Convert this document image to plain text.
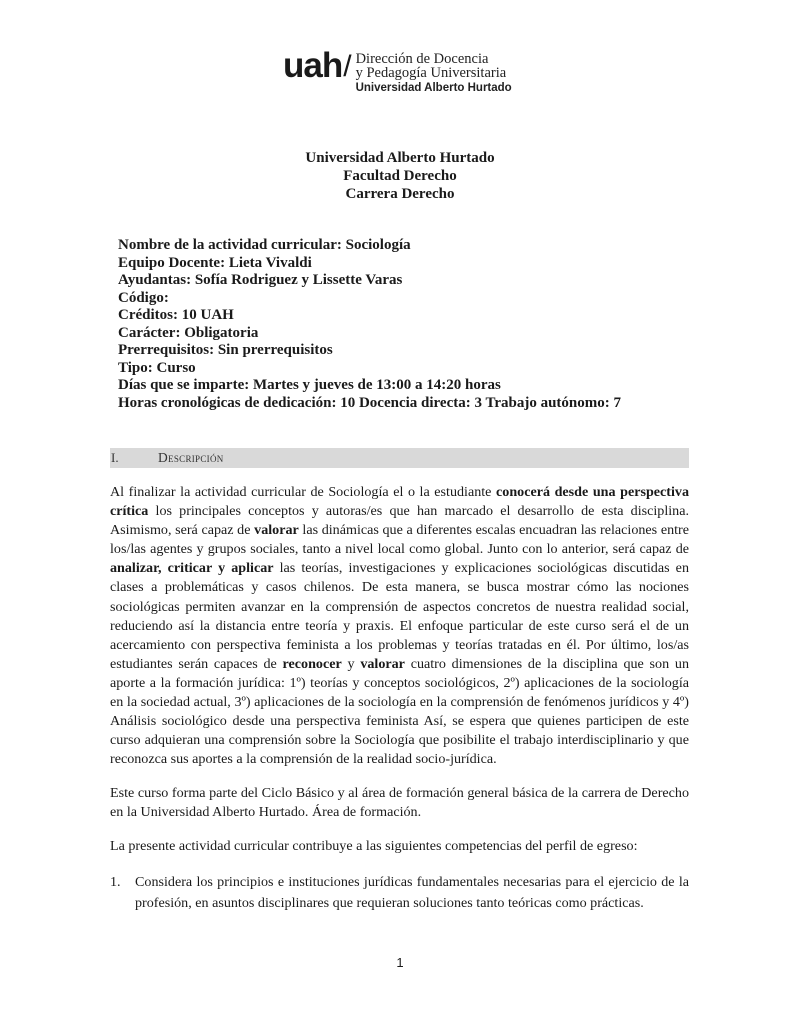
uah / Dirección de Docencia
y Pedagogía Universitaria
Universidad Alberto Hurtado
Universidad Alberto Hurtado
Facultad Derecho
Carrera Derecho
Nombre de la actividad curricular: Sociología
Equipo Docente: Lieta Vivaldi
Ayudantas: Sofía Rodriguez y Lissette Varas
Código:
Créditos: 10 UAH
Carácter: Obligatoria
Prerrequisitos: Sin prerrequisitos
Tipo: Curso
Días que se imparte: Martes y jueves de 13:00 a 14:20 horas
Horas cronológicas de dedicación: 10 Docencia directa: 3 Trabajo autónomo: 7
I.	Descripción
Al finalizar la actividad curricular de Sociología el o la estudiante conocerá desde una perspectiva crítica los principales conceptos y autoras/es que han marcado el desarrollo de esta disciplina. Asimismo, será capaz de valorar las dinámicas que a diferentes escalas encuadran las relaciones entre los/las agentes y grupos sociales, tanto a nivel local como global. Junto con lo anterior, será capaz de analizar, criticar y aplicar las teorías, investigaciones y explicaciones sociológicas discutidas en clases a problemáticas y casos chilenos. De esta manera, se busca mostrar cómo las nociones sociológicas permiten avanzar en la comprensión de aspectos concretos de nuestra realidad social, reduciendo así la distancia entre teoría y praxis. El enfoque particular de este curso será el de un acercamiento con perspectiva feminista a los problemas y teorías tratadas en él. Por último, los/as estudiantes serán capaces de reconocer y valorar cuatro dimensiones de la disciplina que son un aporte a la formación jurídica: 1º) teorías y conceptos sociológicos, 2º) aplicaciones de la sociología en la sociedad actual, 3º) aplicaciones de la sociología en la comprensión de fenómenos jurídicos y 4º) Análisis sociológico desde una perspectiva feminista Así, se espera que quienes participen de este curso adquieran una comprensión sobre la Sociología que posibilite el trabajo interdisciplinario y que reconozca sus aportes a la comprensión de la realidad socio-jurídica.
Este curso forma parte del Ciclo Básico y al área de formación general básica de la carrera de Derecho en la Universidad Alberto Hurtado. Área de formación.
La presente actividad curricular contribuye a las siguientes competencias del perfil de egreso:
1.	Considera los principios e instituciones jurídicas fundamentales necesarias para el ejercicio de la profesión, en asuntos disciplinares que requieran soluciones tanto teóricas como prácticas.
1
